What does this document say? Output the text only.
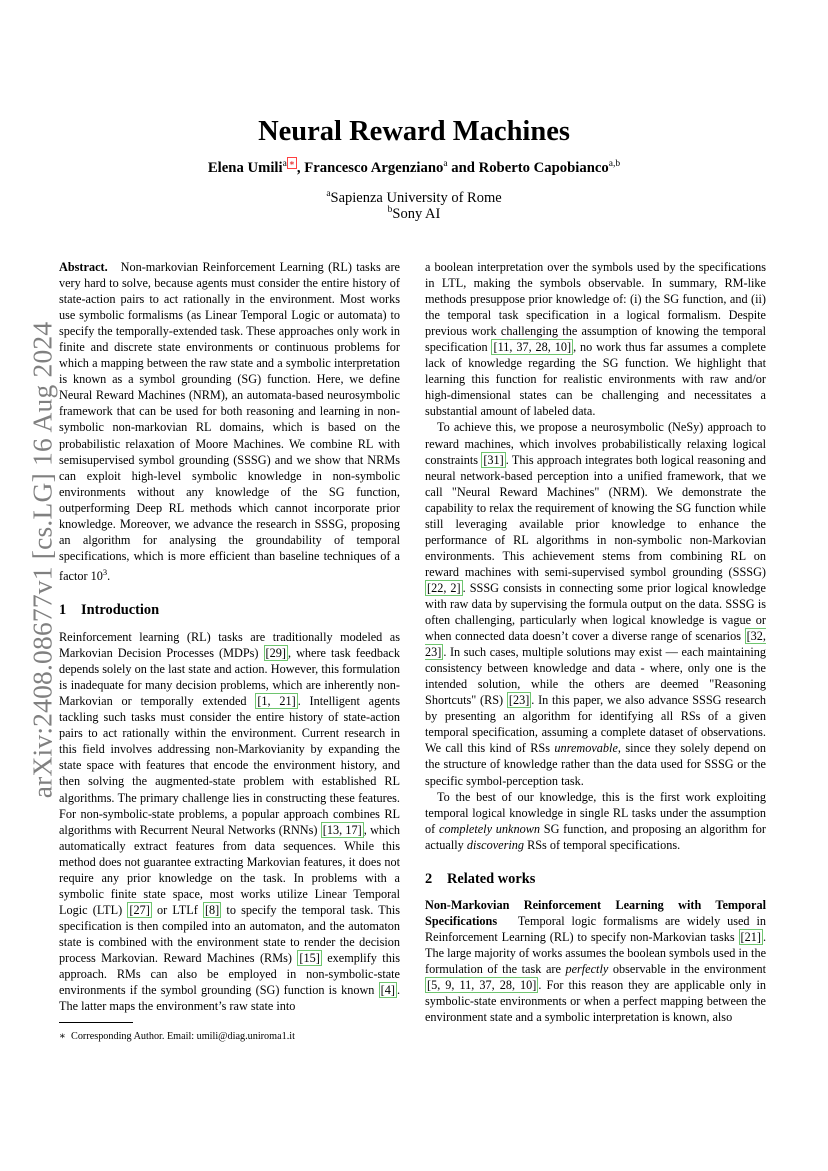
arXiv:2408.08677v1 [cs.LG] 16 Aug 2024
Neural Reward Machines
Elena Umili$^a$ ∗ , Francesco Argenziano$^a$ and Roberto Capobianco$^{a,b}$
$^a$Sapienza University of Rome
$^b$Sony AI

Abstract. Non-markovian Reinforcement Learning (RL) tasks are very hard to solve, because agents must consider the entire history of state-action pairs to act rationally in the environment. Most works use symbolic formalisms (as Linear Temporal Logic or automata) to specify the temporally-extended task. These approaches only work in finite and discrete state environments or continuous problems for which a mapping between the raw state and a symbolic interpretation is known as a symbol grounding (SG) function. Here, we define Neural Reward Machines (NRM), an automata-based neurosymbolic framework that can be used for both reasoning and learning in non-symbolic non-markovian RL domains, which is based on the probabilistic relaxation of Moore Machines. We combine RL with semisupervised symbol grounding (SSSG) and we show that NRMs can exploit high-level symbolic knowledge in non-symbolic environments without any knowledge of the SG function, outperforming Deep RL methods which cannot incorporate prior knowledge. Moreover, we advance the research in SSSG, proposing an algorithm for analysing the groundability of temporal specifications, which is more efficient than baseline techniques of a factor $10^3$.

1 Introduction

Reinforcement learning (RL) tasks are traditionally modeled as Markovian Decision Processes (MDPs) [29] , where task feedback depends solely on the last state and action. However, this formulation is inadequate for many decision problems, which are inherently non-Markovian or temporally extended [1, 21] . Intelligent agents tackling such tasks must consider the entire history of state-action pairs to act rationally within the environment. Current research in this field involves addressing non-Markovianity by expanding the state space with features that encode the environment history, and then solving the augmented-state problem with established RL algorithms. The primary challenge lies in constructing these features. For non-symbolic-state problems, a popular approach combines RL algorithms with Recurrent Neural Networks (RNNs) [13, 17] , which automatically extract features from data sequences. While this method does not guarantee extracting Markovian features, it does not require any prior knowledge on the task. In problems with a symbolic finite state space, most works utilize Linear Temporal Logic (LTL) [27] or LTLf [8] to specify the temporal task. This specification is then compiled into an automaton, and the automaton state is combined with the environment state to render the decision process Markovian. Reward Machines (RMs) [15] exemplify this approach. RMs can also be employed in non-symbolic-state environments if the symbol grounding (SG) function is known [4] . The latter maps the environment’s raw state into

∗ Corresponding Author. Email: umili@diag.uniroma1.it

a boolean interpretation over the symbols used by the specifications in LTL, making the symbols observable. In summary, RM-like methods presuppose prior knowledge of: (i) the SG function, and (ii) the temporal task specification in a logical formalism. Despite previous work challenging the assumption of knowing the temporal specification [11, 37, 28, 10] , no work thus far assumes a complete lack of knowledge regarding the SG function. We highlight that learning this function for realistic environments with raw and/or high-dimensional states can be challenging and necessitates a substantial amount of labeled data.

To achieve this, we propose a neurosymbolic (NeSy) approach to reward machines, which involves probabilistically relaxing logical constraints [31] . This approach integrates both logical reasoning and neural network-based perception into a unified framework, that we call "Neural Reward Machines" (NRM). We demonstrate the capability to relax the requirement of knowing the SG function while still leveraging available prior knowledge to enhance the performance of RL algorithms in non-symbolic non-Markovian environments. This achievement stems from combining RL on reward machines with semi-supervised symbol grounding (SSSG) [22, 2] . SSSG consists in connecting some prior logical knowledge with raw data by supervising the formula output on the data. SSSG is often challenging, particularly when logical knowledge is vague or when connected data doesn’t cover a diverse range of scenarios [32, 23] . In such cases, multiple solutions may exist — each maintaining consistency between knowledge and data - where, only one is the intended solution, while the others are deemed "Reasoning Shortcuts" (RS) [23] . In this paper, we also advance SSSG research by presenting an algorithm for identifying all RSs of a given temporal specification, assuming a complete dataset of observations. We call this kind of RSs unremovable, since they solely depend on the structure of knowledge rather than the data used for SSSG or the specific symbol-perception task.

To the best of our knowledge, this is the first work exploiting temporal logical knowledge in single RL tasks under the assumption of completely unknown SG function, and proposing an algorithm for actually discovering RSs of temporal specifications.

2 Related works

Non-Markovian Reinforcement Learning with Temporal Specifications Temporal logic formalisms are widely used in Reinforcement Learning (RL) to specify non-Markovian tasks [21] . The large majority of works assumes the boolean symbols used in the formulation of the task are perfectly observable in the environment [5, 9, 11, 37, 28, 10] . For this reason they are applicable only in symbolic-state environments or when a perfect mapping between the environment state and a symbolic interpretation is known, also
